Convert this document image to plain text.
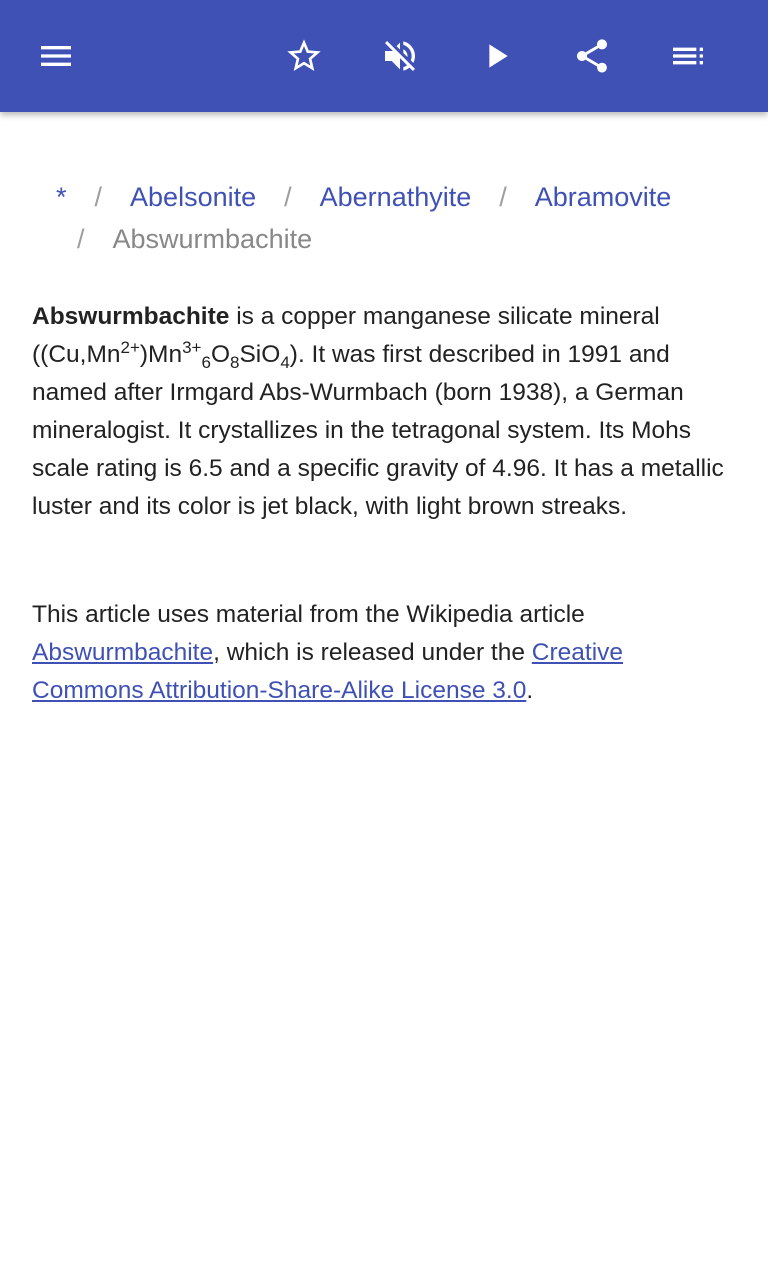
*	/	Abelsonite	/	Abernathyite	/	Abramovite
/	Abswurmbachite

Abswurmbachite is a copper manganese silicate mineral $((Cu,Mn^{2+})Mn^{3+}_6O_8SiO_4)$. It was first described in 1991 and named after Irmgard Abs-Wurmbach (born 1938), a German mineralogist. It crystallizes in the tetragonal system. Its Mohs scale rating is 6.5 and a specific gravity of 4.96. It has a metallic luster and its color is jet black, with light brown streaks.

This article uses material from the Wikipedia article Abswurmbachite, which is released under the Creative Commons Attribution-Share-Alike License 3.0.
